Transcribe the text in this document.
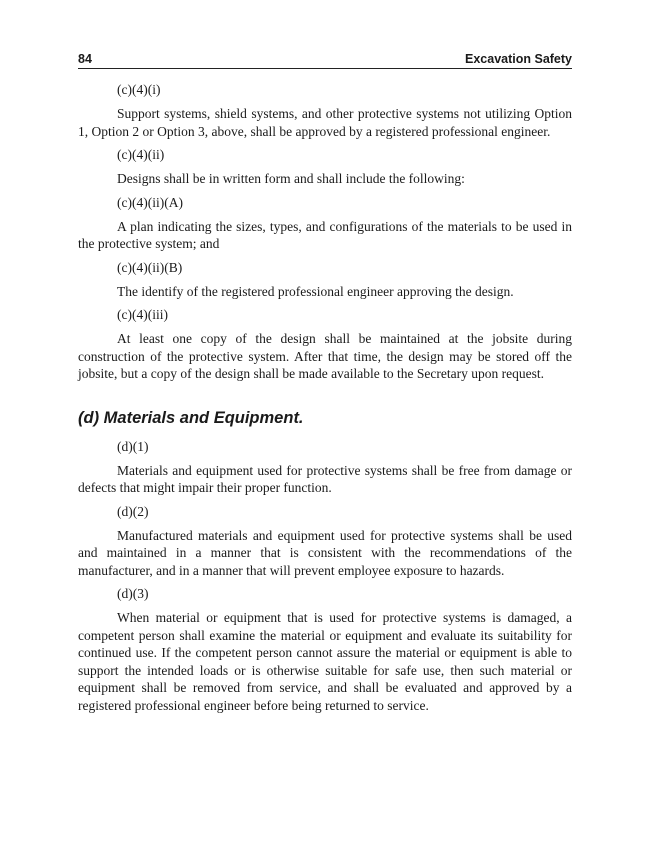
84	Excavation Safety
(c)(4)(i)

Support systems, shield systems, and other protective systems not utilizing Option 1, Option 2 or Option 3, above, shall be approved by a registered professional engineer.

(c)(4)(ii)

Designs shall be in written form and shall include the following:

(c)(4)(ii)(A)

A plan indicating the sizes, types, and configurations of the materials to be used in the protective system; and

(c)(4)(ii)(B)

The identify of the registered professional engineer approving the design.

(c)(4)(iii)

At least one copy of the design shall be maintained at the jobsite during construction of the protective system. After that time, the design may be stored off the jobsite, but a copy of the design shall be made available to the Secretary upon request.

(d) Materials and Equipment.
(d)(1)

Materials and equipment used for protective systems shall be free from damage or defects that might impair their proper function.

(d)(2)

Manufactured materials and equipment used for protective systems shall be used and maintained in a manner that is consistent with the recommendations of the manufacturer, and in a manner that will prevent employee exposure to hazards.

(d)(3)

When material or equipment that is used for protective systems is damaged, a competent person shall examine the material or equipment and evaluate its suitability for continued use. If the competent person cannot assure the material or equipment is able to support the intended loads or is otherwise suitable for safe use, then such material or equipment shall be removed from service, and shall be evaluated and approved by a registered professional engineer before being returned to service.
